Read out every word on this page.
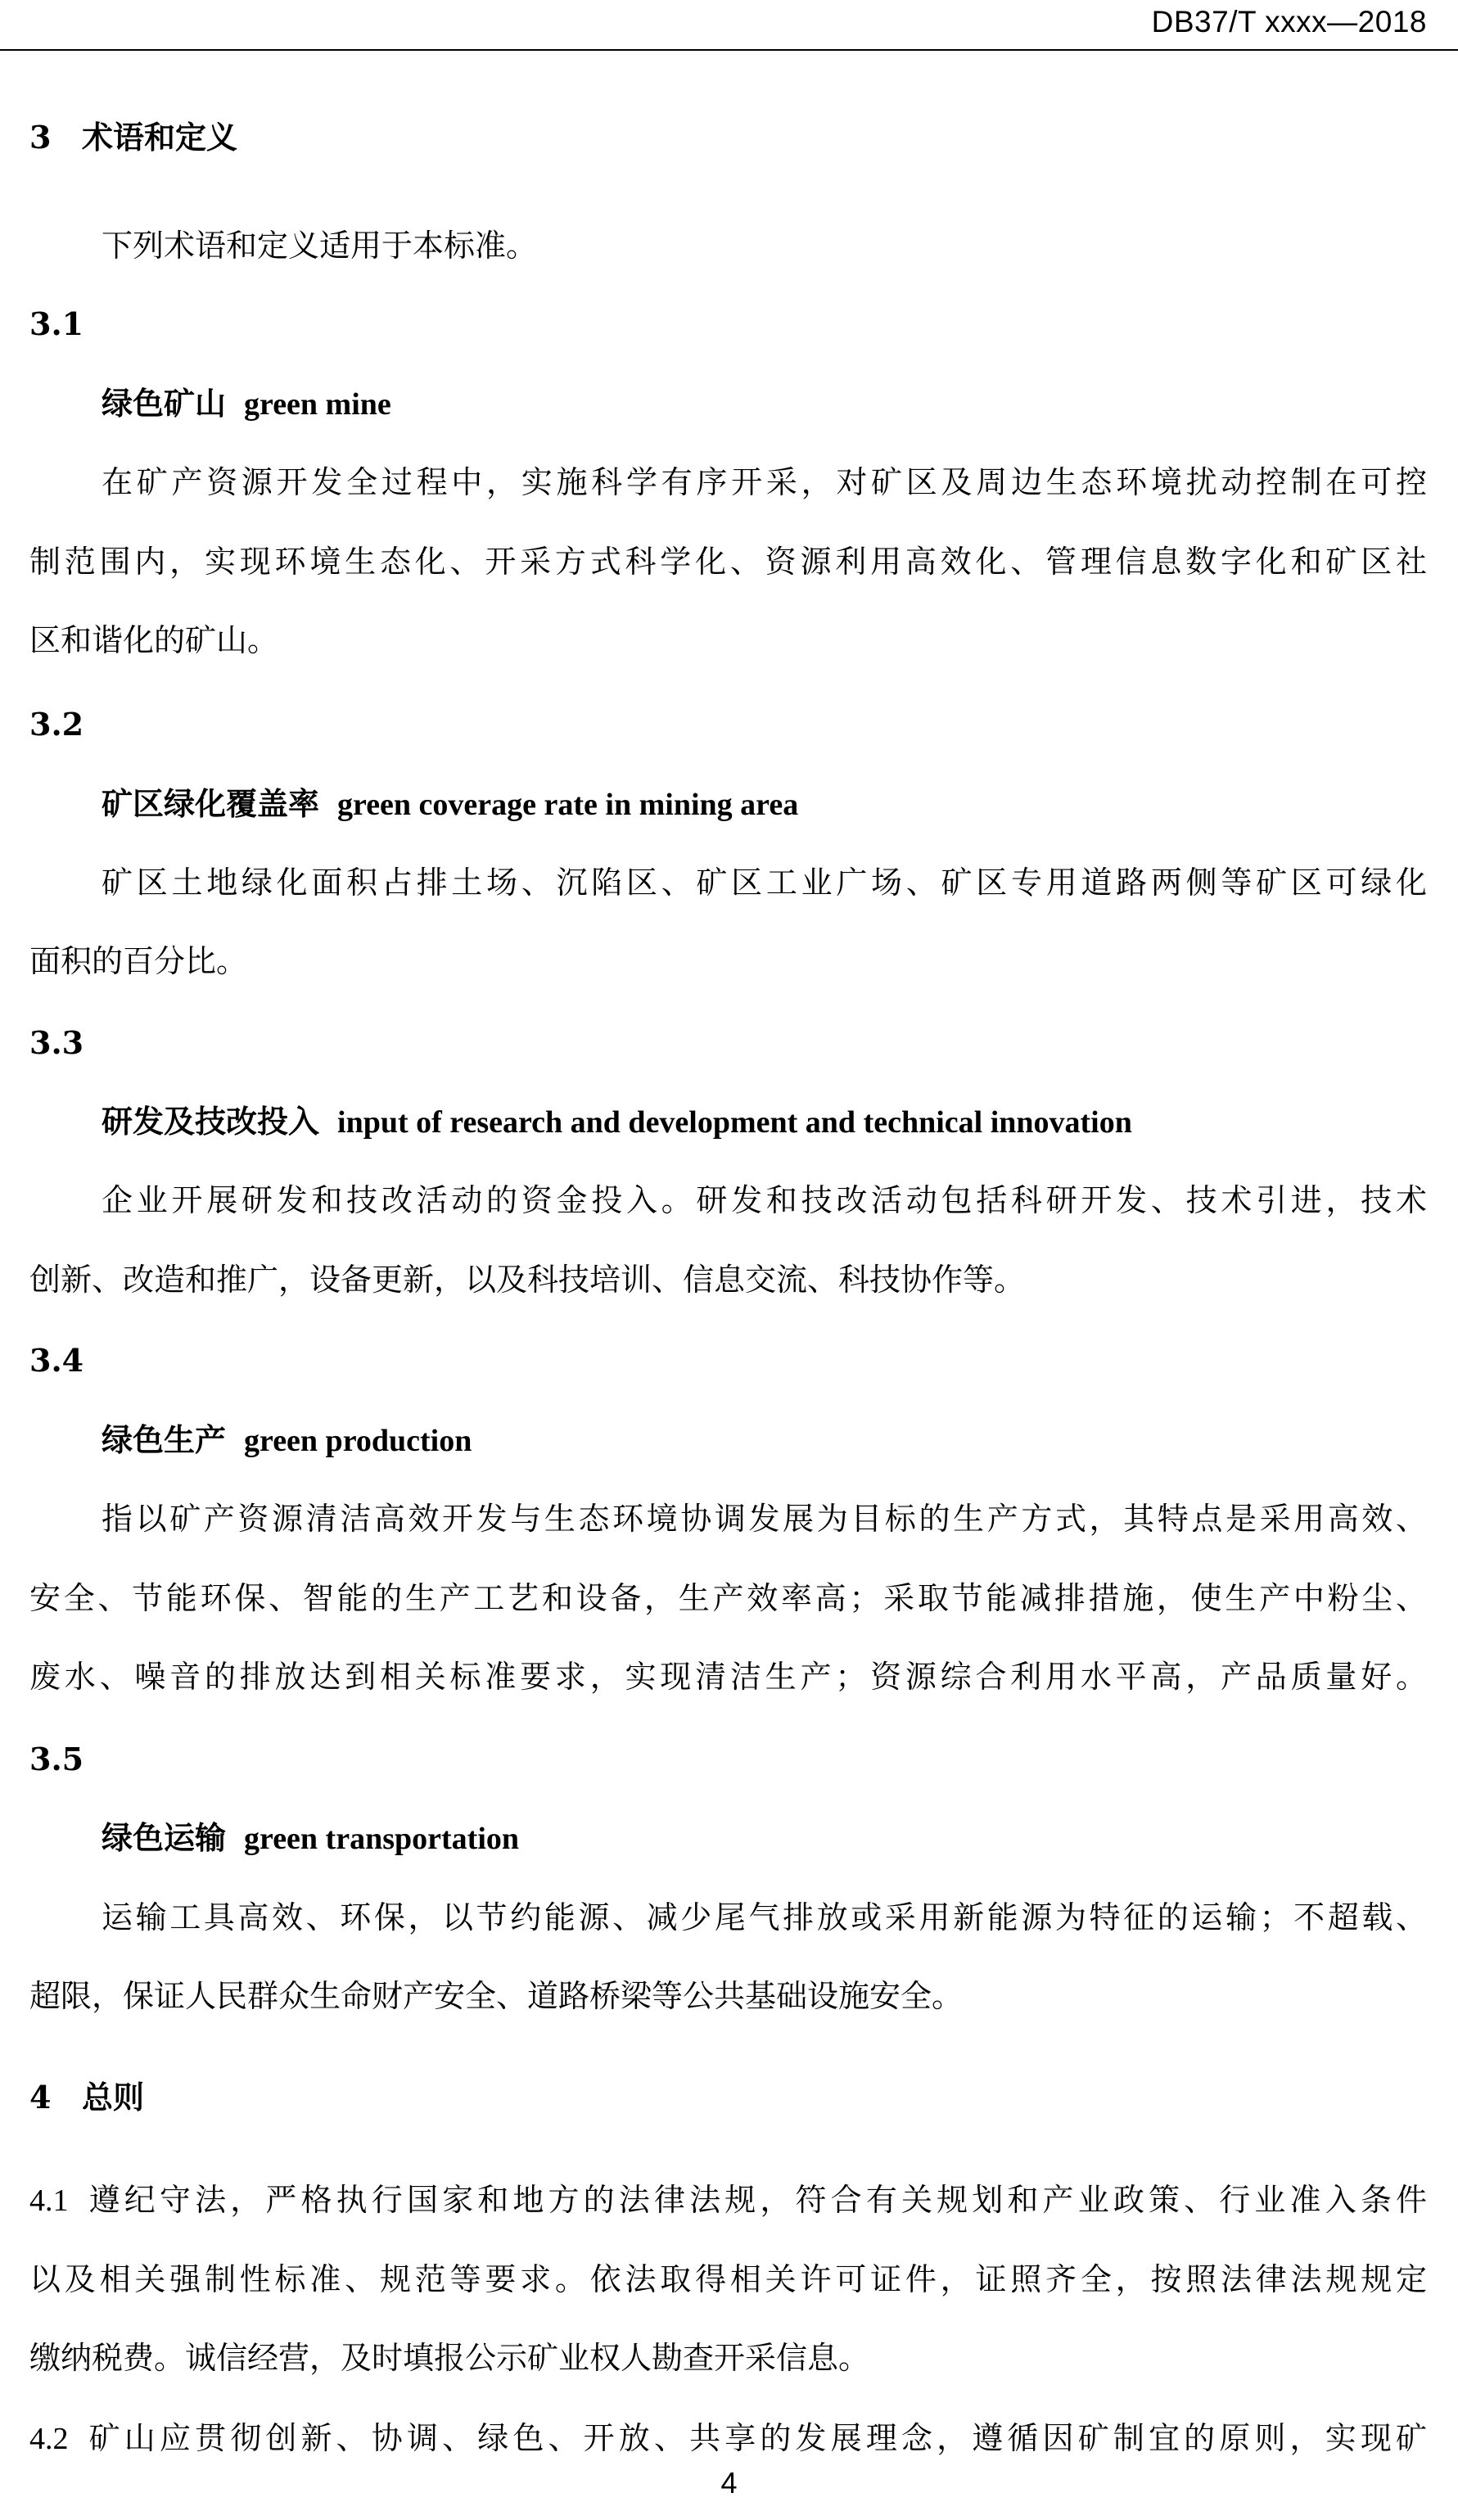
DB37/T xxxx—2018
3 术语和定义
下列术语和定义适用于本标准。
3.1
绿色矿山 green mine
在矿产资源开发全过程中，实施科学有序开采，对矿区及周边生态环境扰动控制在可控
制范围内，实现环境生态化、开采方式科学化、资源利用高效化、管理信息数字化和矿区社
区和谐化的矿山。
3.2
矿区绿化覆盖率 green coverage rate in mining area
矿区土地绿化面积占排土场、沉陷区、矿区工业广场、矿区专用道路两侧等矿区可绿化
面积的百分比。
3.3
研发及技改投入 input of research and development and technical innovation
企业开展研发和技改活动的资金投入。研发和技改活动包括科研开发、技术引进，技术
创新、改造和推广，设备更新，以及科技培训、信息交流、科技协作等。
3.4
绿色生产 green production
指以矿产资源清洁高效开发与生态环境协调发展为目标的生产方式，其特点是采用高效、
安全、节能环保、智能的生产工艺和设备，生产效率高；采取节能减排措施，使生产中粉尘、
废水、噪音的排放达到相关标准要求，实现清洁生产；资源综合利用水平高，产品质量好。
3.5
绿色运输 green transportation
运输工具高效、环保，以节约能源、减少尾气排放或采用新能源为特征的运输；不超载、
超限，保证人民群众生命财产安全、道路桥梁等公共基础设施安全。
4 总则
4.1 遵纪守法，严格执行国家和地方的法律法规，符合有关规划和产业政策、行业准入条件
以及相关强制性标准、规范等要求。依法取得相关许可证件，证照齐全，按照法律法规规定
缴纳税费。诚信经营，及时填报公示矿业权人勘查开采信息。
4.2 矿山应贯彻创新、协调、绿色、开放、共享的发展理念，遵循因矿制宜的原则，实现矿
4
